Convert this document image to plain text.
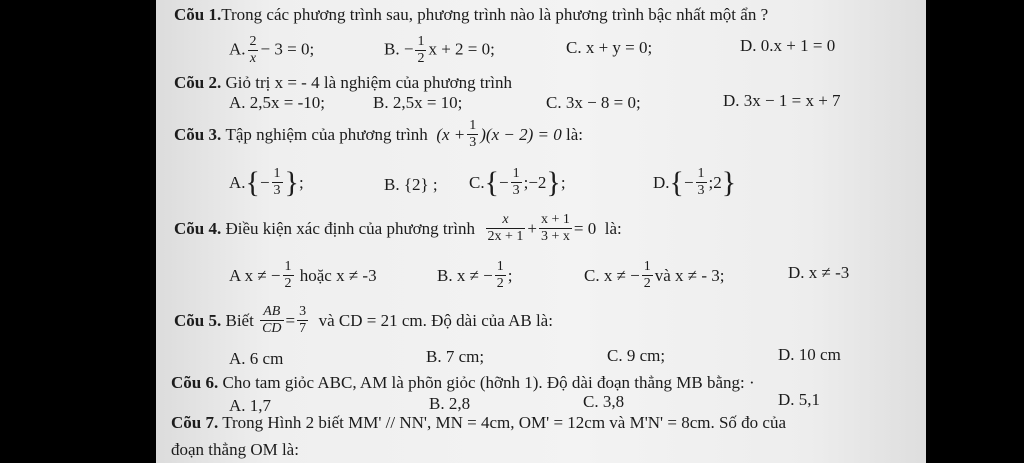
Cõu 1.Trong các phương trình sau, phương trình nào là phương trình bậc nhất một ẩn ?
A. $\frac{2}{x} - 3 = 0$;	B. − $\frac{1}{2}$ x + 2 = 0;	C. x + y = 0;	D. 0.x + 1 = 0
Cõu 2. Giỏ trị x = - 4 là nghiệm của phương trình
A. 2,5x = -10;	B. 2,5x = 10;	C. 3x − 8 = 0;	D. 3x − 1 = x + 7
Cõu 3.
Tập nghiệm của phương trình
$(x + \frac{1}{3} )(x - 2) = 0$
là:
A. { − $\frac{1}{3}$ } ;	B. {2} ; C. { − $\frac{1}{3}$ ;−2 } ;	D. { − $\frac{1}{3}$ ;2 }
Cõu 4.
Điều kiện xác định của phương trình
$\frac{x}{2x + 1} + \frac{x + 1}{3 + x} = 0$
là:
A x ≠ − $\frac{1}{2}$
hoặc x ≠ -3	B. x ≠ − $\frac{1}{2}$ ;	C. x ≠ − $\frac{1}{2}$ và x ≠ - 3;	D. x ≠ -3
Cõu 5.
Biết
$\frac{AB}{CD} = \frac{3}{7}$
và CD = 21 cm. Độ dài của AB là:
A. 6 cm	B. 7 cm;	C. 9 cm;	D. 10 cm
Cõu 6. Cho tam giỏc ABC, AM là phõn giỏc (hỡnh 1). Độ dài đoạn thẳng MB bằng: ·
A. 1,7	B. 2,8	C. 3,8	D. 5,1
Cõu 7. Trong Hình 2 biết MM' // NN', MN = 4cm, OM' = 12cm và M'N' = 8cm. Số đo của
đoạn thẳng OM là:
